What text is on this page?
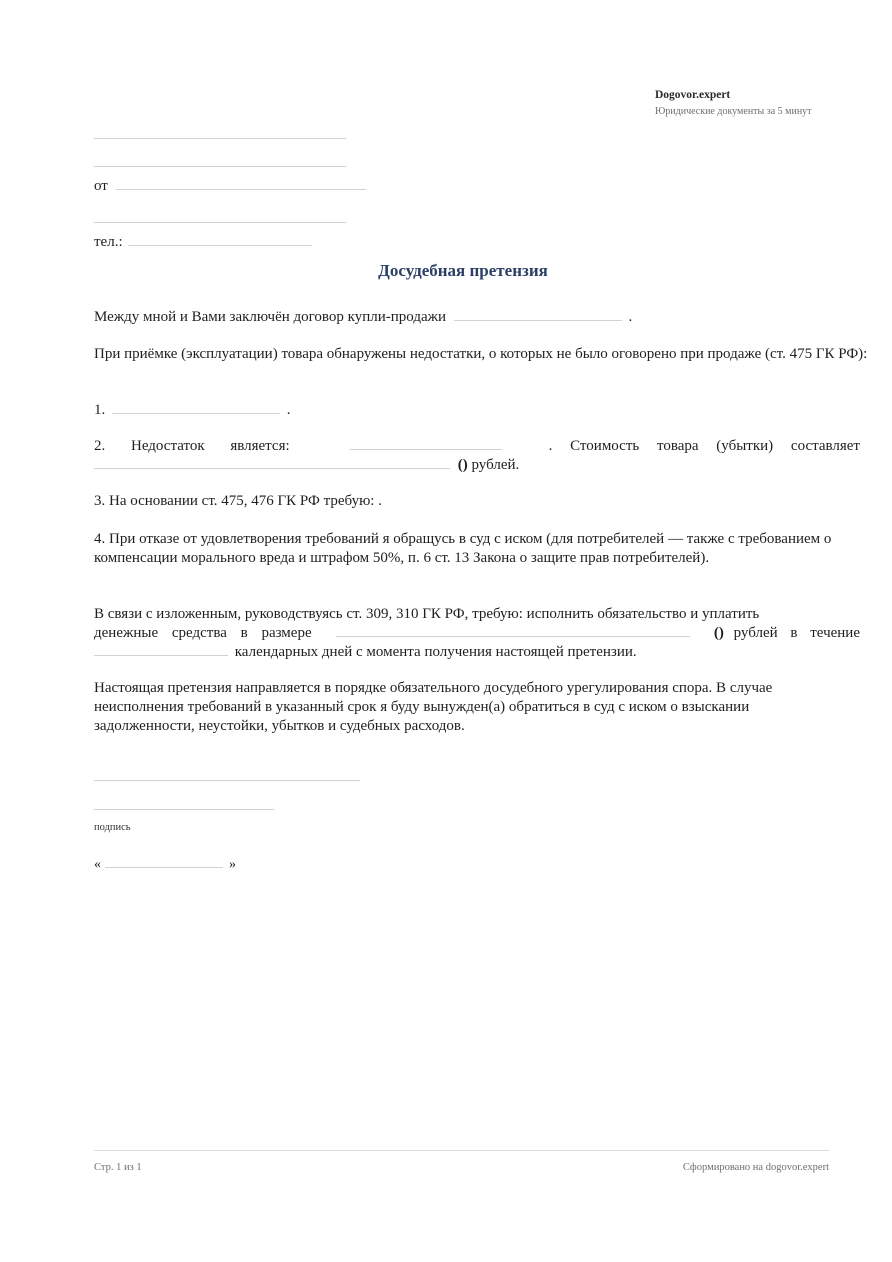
Dogovor.expert
Юридические документы за 5 минут
от
тел.:
Досудебная претензия
Между мной и Вами заключён договор купли-продажи	.
При приёмке (эксплуатации) товара обнаружены недостатки, о которых не было оговорено при продаже (ст. 475 ГК РФ):
1.	.
2. Недостаток является:	. Стоимость товара (убытки) составляет
() рублей.
3. На основании ст. 475, 476 ГК РФ требую: .
4. При отказе от удовлетворения требований я обращусь в суд с иском (для потребителей — также с требованием о компенсации морального вреда и штрафом 50%, п. 6 ст. 13 Закона о защите прав потребителей).
В связи с изложенным, руководствуясь ст. 309, 310 ГК РФ, требую: исполнить обязательство и уплатить
денежные средства в размере	() рублей в течение
календарных дней с момента получения настоящей претензии.
Настоящая претензия направляется в порядке обязательного досудебного урегулирования спора. В случае неисполнения требований в указанный срок я буду вынужден(а) обратиться в суд с иском о взыскании задолженности, неустойки, убытков и судебных расходов.
подпись
«	»
Стр. 1 из 1	Сформировано на dogovor.expert
